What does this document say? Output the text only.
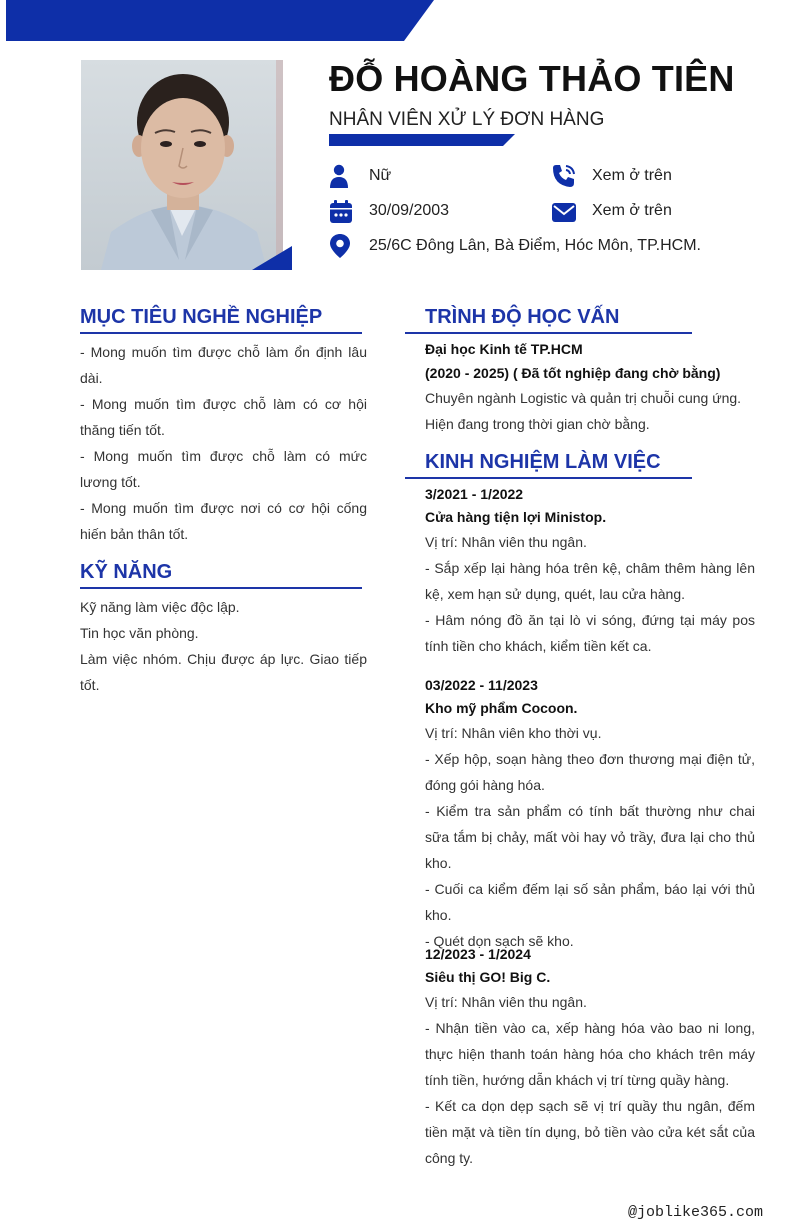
ĐỖ HOÀNG THẢO TIÊN
NHÂN VIÊN XỬ LÝ ĐƠN HÀNG
Nữ
30/09/2003
25/6C Đông Lân, Bà Điểm, Hóc Môn, TP.HCM.
Xem ở trên
Xem ở trên
MỤC TIÊU NGHỀ NGHIỆP

- Mong muốn tìm được chỗ làm ổn định lâu dài.

- Mong muốn tìm được chỗ làm có cơ hội thăng tiến tốt.

- Mong muốn tìm được chỗ làm có mức lương tốt.

- Mong muốn tìm được nơi có cơ hội cống hiến bản thân tốt.

KỸ NĂNG

Kỹ năng làm việc độc lập.

Tin học văn phòng.

Làm việc nhóm. Chịu được áp lực. Giao tiếp tốt.

TRÌNH ĐỘ HỌC VẤN

Đại học Kinh tế TP.HCM

(2020 - 2025) ( Đã tốt nghiệp đang chờ bằng)

Chuyên ngành Logistic và quản trị chuỗi cung ứng.

Hiện đang trong thời gian chờ bằng.

KINH NGHIỆM LÀM VIỆC

3/2021 - 1/2022

Cửa hàng tiện lợi Ministop.

Vị trí: Nhân viên thu ngân.

- Sắp xếp lại hàng hóa trên kệ, châm thêm hàng lên kệ, xem hạn sử dụng, quét, lau cửa hàng.

- Hâm nóng đồ ăn tại lò vi sóng, đứng tại máy pos tính tiền cho khách, kiểm tiền kết ca.

03/2022 - 11/2023

Kho mỹ phẩm Cocoon.

Vị trí: Nhân viên kho thời vụ.

- Xếp hộp, soạn hàng theo đơn thương mại điện tử, đóng gói hàng hóa.

- Kiểm tra sản phẩm có tính bất thường như chai sữa tắm bị chảy, mất vòi hay vỏ trầy, đưa lại cho thủ kho.

- Cuối ca kiểm đếm lại số sản phẩm, báo lại với thủ kho.

- Quét dọn sạch sẽ kho.

12/2023 - 1/2024

Siêu thị GO! Big C.

Vị trí: Nhân viên thu ngân.

- Nhận tiền vào ca, xếp hàng hóa vào bao ni long, thực hiện thanh toán hàng hóa cho khách trên máy tính tiền, hướng dẫn khách vị trí từng quầy hàng.

- Kết ca dọn dẹp sạch sẽ vị trí quầy thu ngân, đếm tiền mặt và tiền tín dụng, bỏ tiền vào cửa két sắt của công ty.

@joblike365.com
